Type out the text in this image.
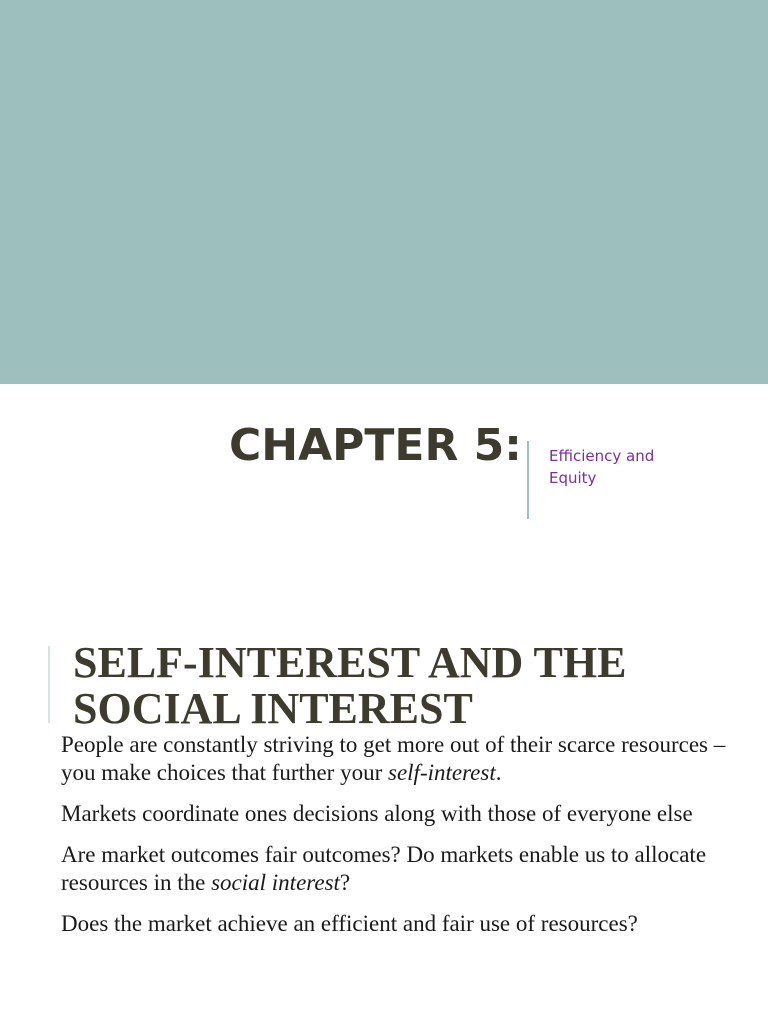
CHAPTER 5: Efficiency and Equity

SELF-INTEREST AND THE SOCIAL INTEREST

People are constantly striving to get more out of their scarce resources – you make choices that further your self-interest.

Markets coordinate ones decisions along with those of everyone else

Are market outcomes fair outcomes? Do markets enable us to allocate resources in the social interest?

Does the market achieve an efficient and fair use of resources?
